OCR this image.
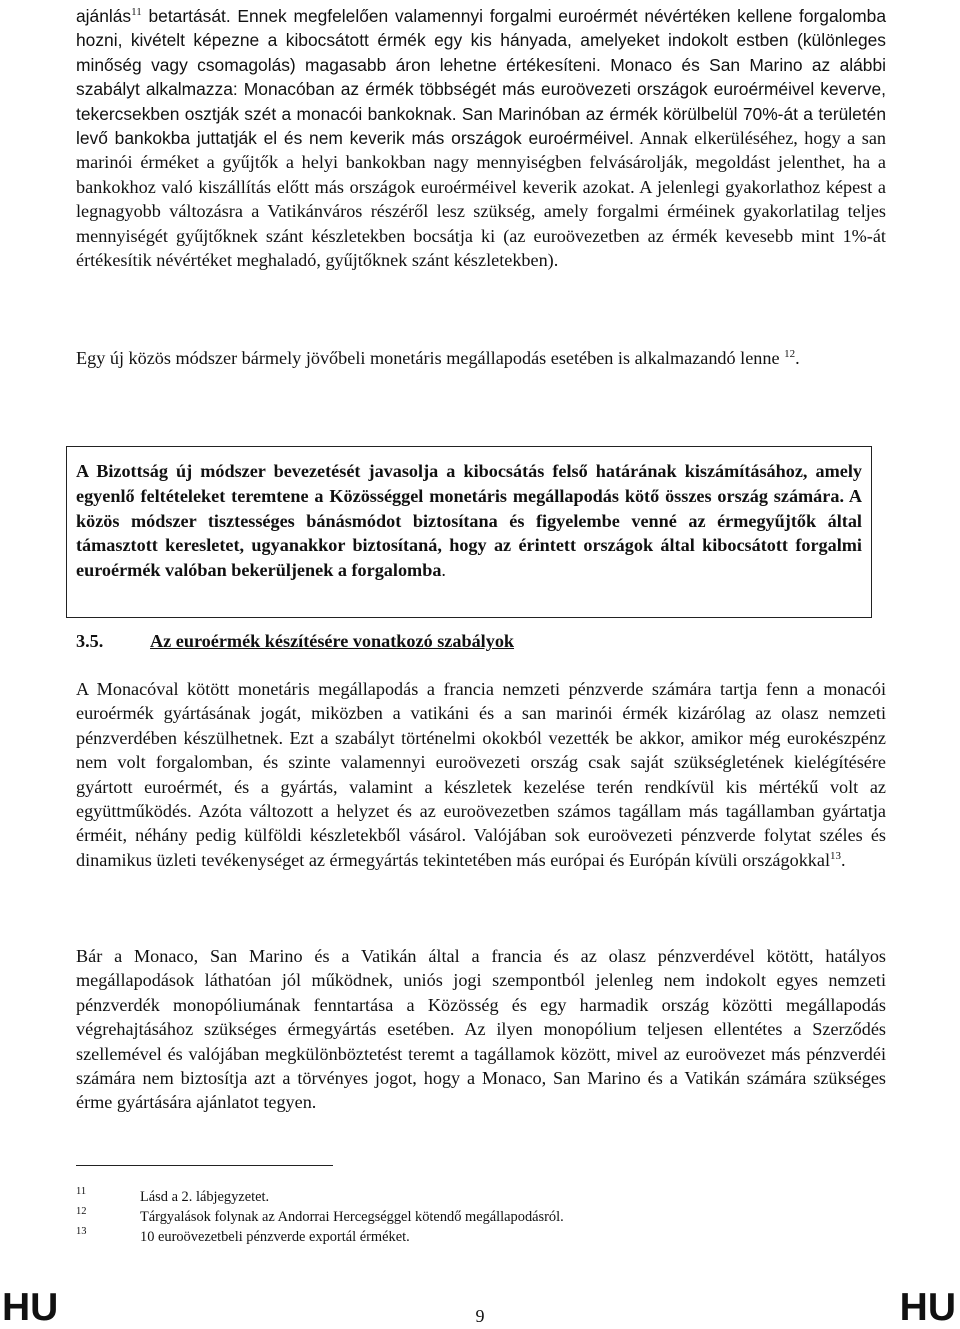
ajánlás$^{11}$ betartását. Ennek megfelelően valamennyi forgalmi euroérmét névértéken kellene forgalomba hozni, kivételt képezne a kibocsátott érmék egy kis hányada, amelyeket indokolt estben (különleges minőség vagy csomagolás) magasabb áron lehetne értékesíteni. Monaco és San Marino az alábbi szabályt alkalmazza: Monacóban az érmék többségét más euroövezeti országok euroérméivel keverve, tekercsekben osztják szét a monacói bankoknak. San Marinóban az érmék körülbelül 70%-át a területén levő bankokba juttatják el és nem keverik más országok euroérméivel. Annak elkerüléséhez, hogy a san marinói érméket a gyűjtők a helyi bankokban nagy mennyiségben felvásárolják, megoldást jelenthet, ha a bankokhoz való kiszállítás előtt más országok euroérméivel keverik azokat. A jelenlegi gyakorlathoz képest a legnagyobb változásra a Vatikánváros részéről lesz szükség, amely forgalmi érméinek gyakorlatilag teljes mennyiségét gyűjtőknek szánt készletekben bocsátja ki (az euroövezetben az érmék kevesebb mint 1%-át értékesítik névértéket meghaladó, gyűjtőknek szánt készletekben).

Egy új közös módszer bármely jövőbeli monetáris megállapodás esetében is alkalmazandó lenne $^{12}$.

A Bizottság új módszer bevezetését javasolja a kibocsátás felső határának kiszámításához, amely egyenlő feltételeket teremtene a Közösséggel monetáris megállapodás kötő összes ország számára. A közös módszer tisztességes bánásmódot biztosítana és figyelembe venné az érmegyűjtők által támasztott keresletet, ugyanakkor biztosítaná, hogy az érintett országok által kibocsátott forgalmi euroérmék valóban bekerüljenek a forgalomba.

3.5.	Az euroérmék készítésére vonatkozó szabályok

A Monacóval kötött monetáris megállapodás a francia nemzeti pénzverde számára tartja fenn a monacói euroérmék gyártásának jogát, miközben a vatikáni és a san marinói érmék kizárólag az olasz nemzeti pénzverdében készülhetnek. Ezt a szabályt történelmi okokból vezették be akkor, amikor még eurokészpénz nem volt forgalomban, és szinte valamennyi euroövezeti ország csak saját szükségletének kielégítésére gyártott euroérmét, és a gyártás, valamint a készletek kezelése terén rendkívül kis mértékű volt az együttműködés. Azóta változott a helyzet és az euroövezetben számos tagállam más tagállamban gyártatja érméit, néhány pedig külföldi készletekből vásárol. Valójában sok euroövezeti pénzverde folytat széles és dinamikus üzleti tevékenységet az érmegyártás tekintetében más európai és Európán kívüli országokkal$^{13}$.

Bár a Monaco, San Marino és a Vatikán által a francia és az olasz pénzverdével kötött, hatályos megállapodások láthatóan jól működnek, uniós jogi szempontból jelenleg nem indokolt egyes nemzeti pénzverdék monopóliumának fenntartása a Közösség és egy harmadik ország közötti megállapodás végrehajtásához szükséges érmegyártás esetében. Az ilyen monopólium teljesen ellentétes a Szerződés szellemével és valójában megkülönböztetést teremt a tagállamok között, mivel az euroövezet más pénzverdéi számára nem biztosítja azt a törvényes jogot, hogy a Monaco, San Marino és a Vatikán számára szükséges érme gyártására ajánlatot tegyen.

11	Lásd a 2. lábjegyzetet.
12	Tárgyalások folynak az Andorrai Hercegséggel kötendő megállapodásról.
13	10 euroövezetbeli pénzverde exportál érméket.
HU	9	HU
